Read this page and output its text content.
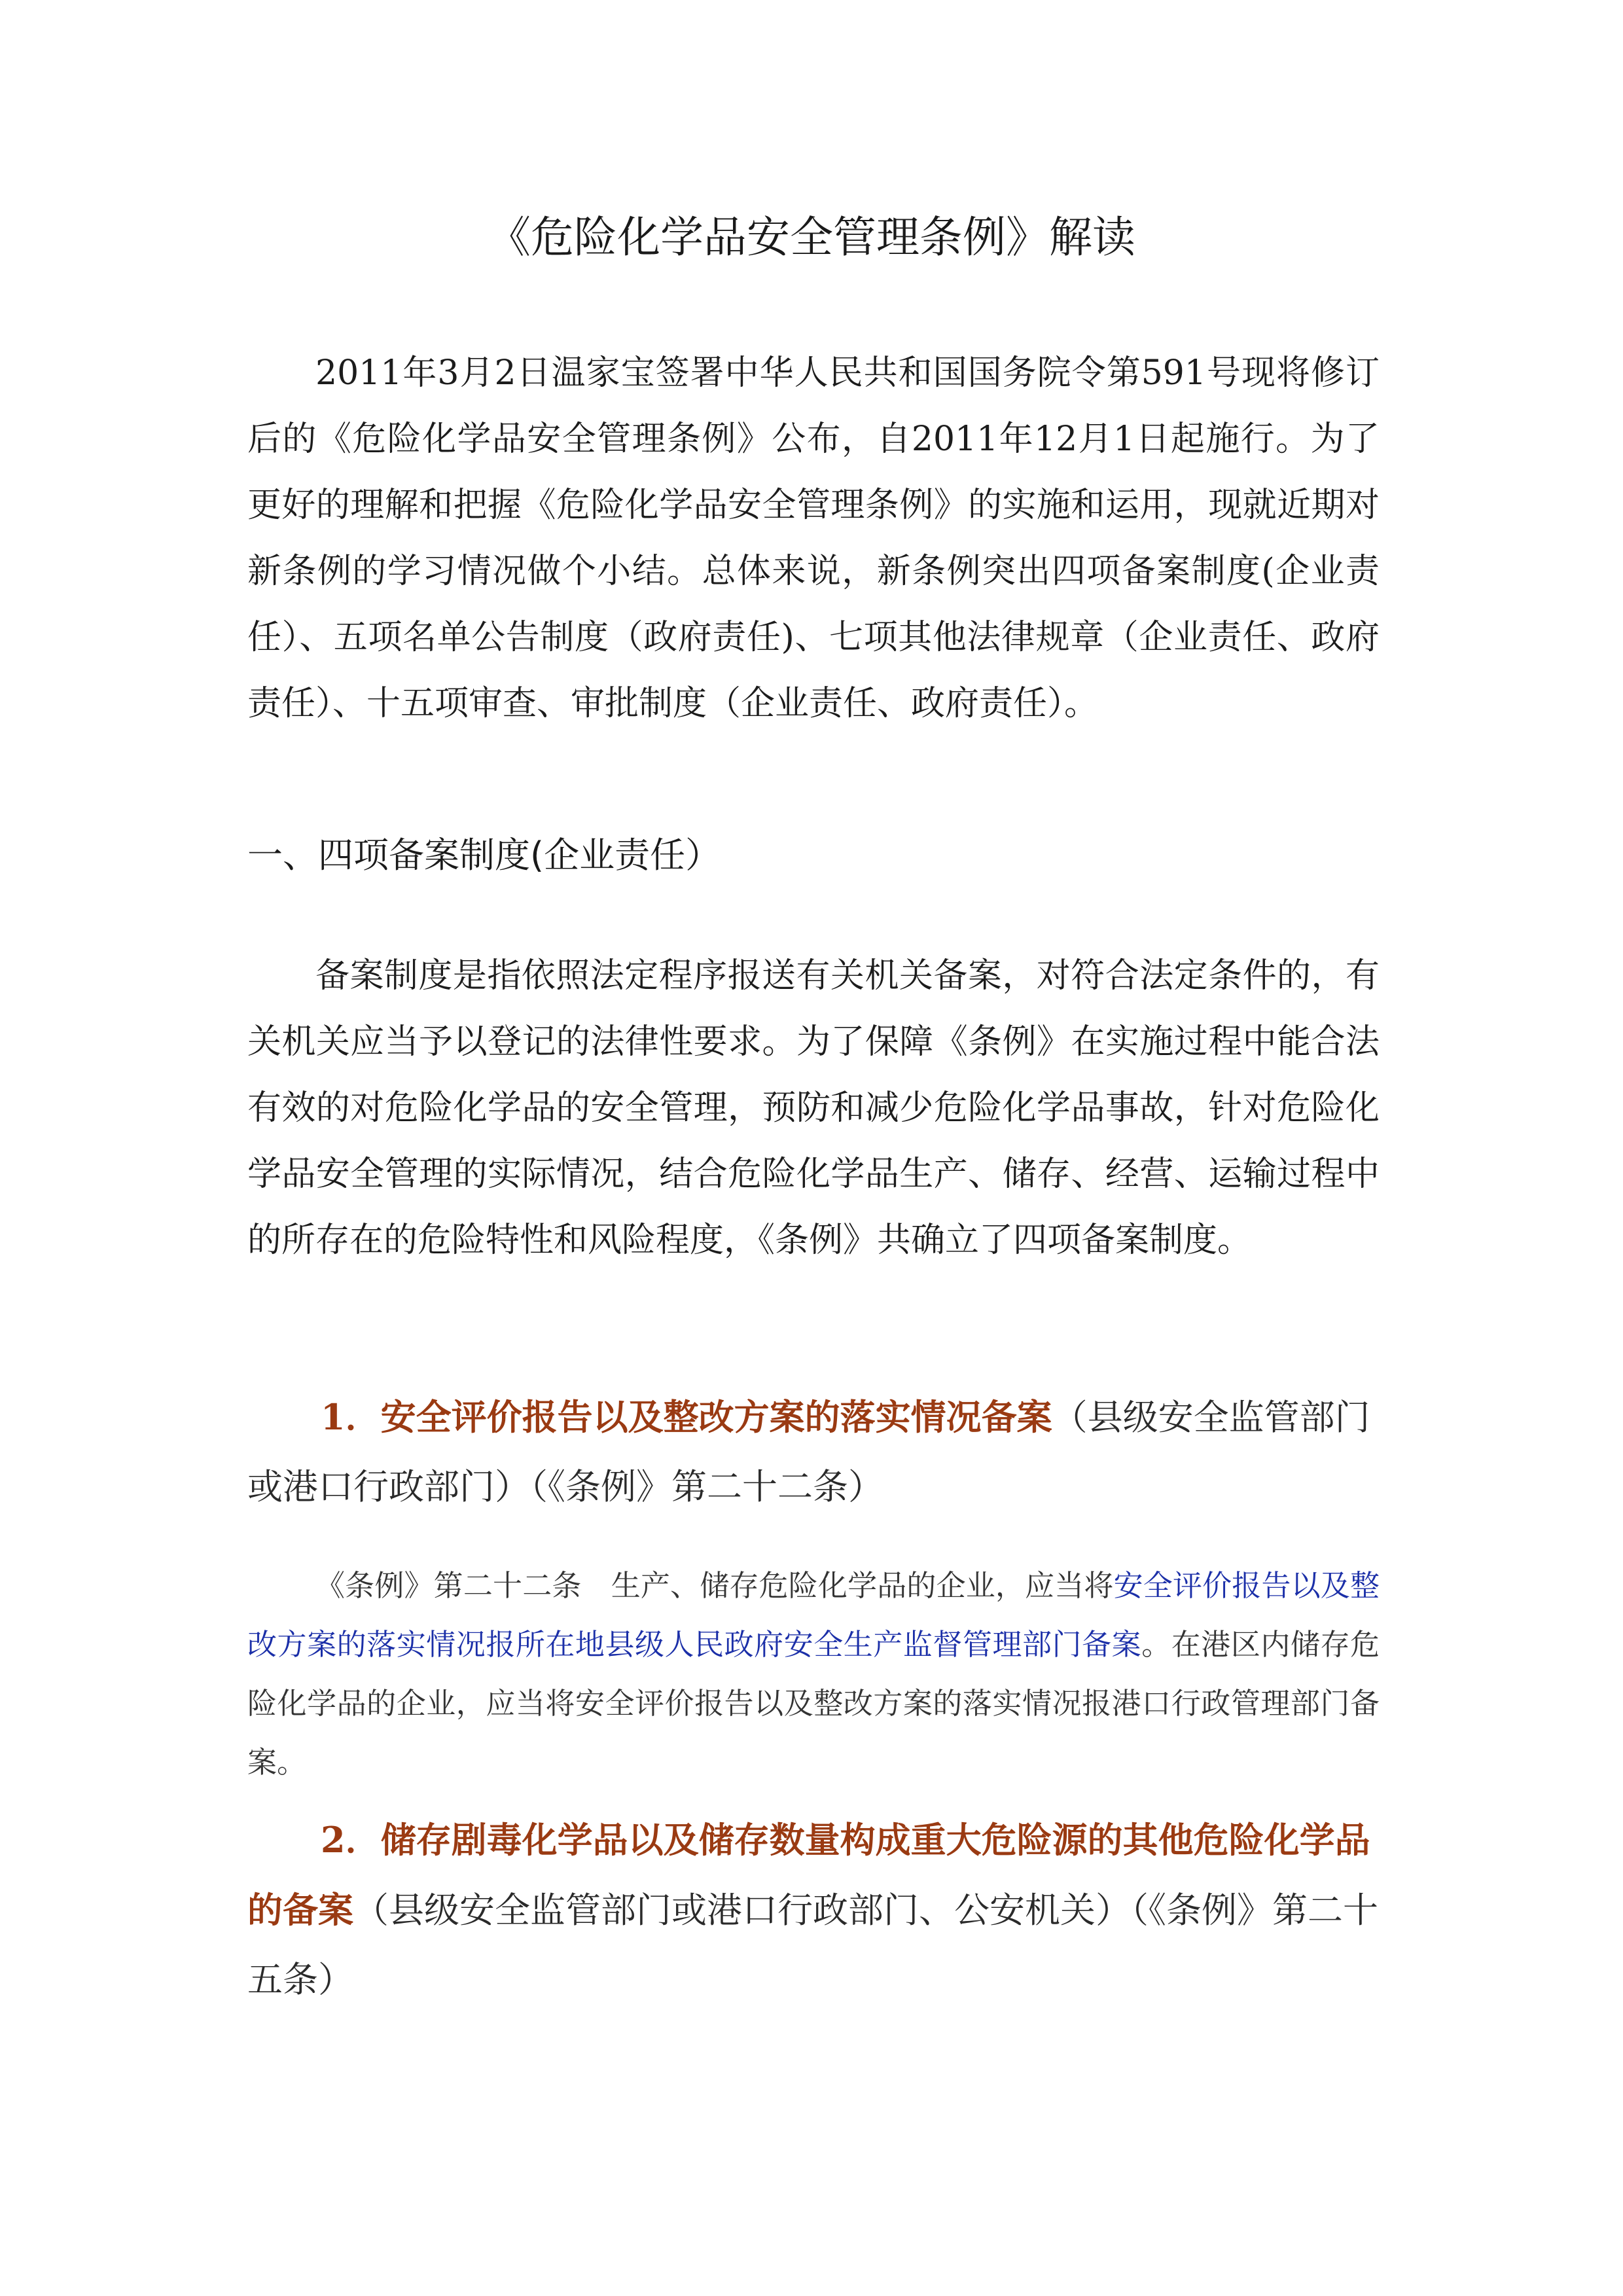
《危险化学品安全管理条例》解读

2011年3月2日温家宝签署中华人民共和国国务院令第591号现将修订后的《危险化学品安全管理条例》公布，自2011年12月1日起施行。为了更好的理解和把握《危险化学品安全管理条例》的实施和运用，现就近期对新条例的学习情况做个小结。总体来说，新条例突出四项备案制度(企业责任）、五项名单公告制度（政府责任)、七项其他法律规章（企业责任、政府责任）、十五项审查、审批制度（企业责任、政府责任）。

一、四项备案制度(企业责任）

备案制度是指依照法定程序报送有关机关备案，对符合法定条件的，有关机关应当予以登记的法律性要求。为了保障《条例》在实施过程中能合法有效的对危险化学品的安全管理，预防和减少危险化学品事故，针对危险化学品安全管理的实际情况，结合危险化学品生产、储存、经营、运输过程中的所存在的危险特性和风险程度，《条例》共确立了四项备案制度。

1．安全评价报告以及整改方案的落实情况备案（县级安全监管部门或港口行政部门）（《条例》第二十二条）

《条例》第二十二条　生产、储存危险化学品的企业，应当将安全评价报告以及整改方案的落实情况报所在地县级人民政府安全生产监督管理部门备案。在港区内储存危险化学品的企业，应当将安全评价报告以及整改方案的落实情况报港口行政管理部门备案。

2．储存剧毒化学品以及储存数量构成重大危险源的其他危险化学品的备案（县级安全监管部门或港口行政部门、公安机关）（《条例》第二十五条）
